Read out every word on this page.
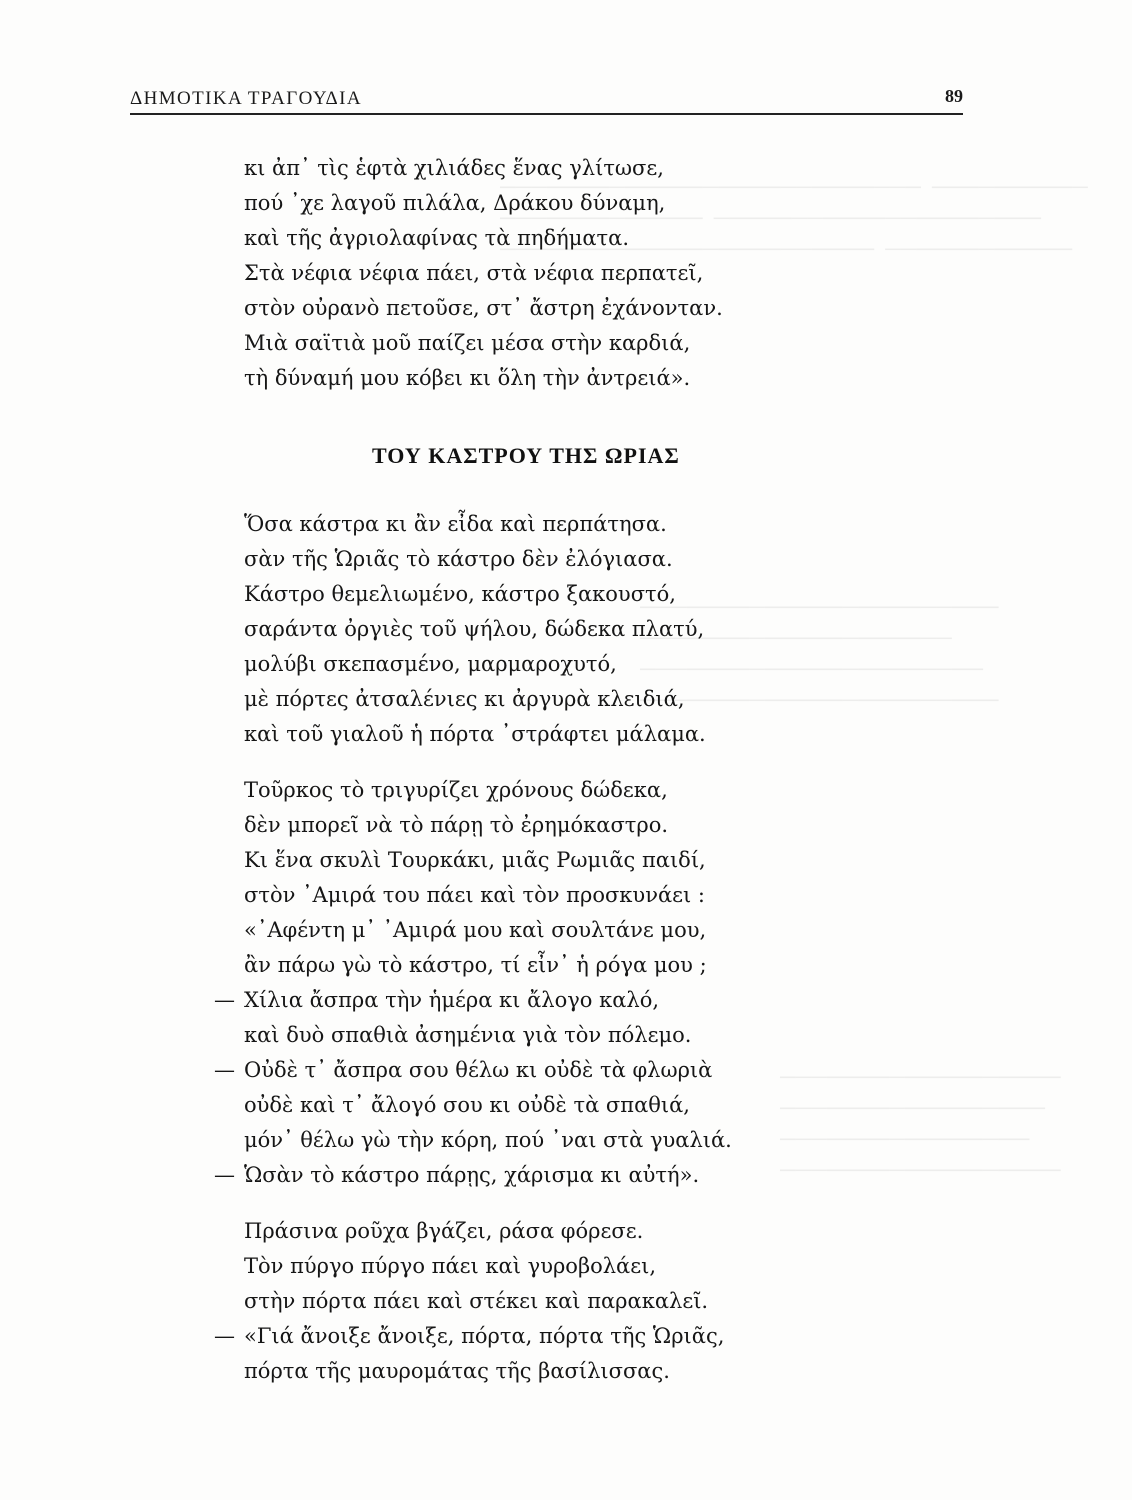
───────────────────────────  ──────────
─────────────  ─────────────────────
────────────────────────  ────────────

───────────────────────
────────────────────
──────────────────────
───────────────────────

──────────────────
─────────────────
────────────────
──────────────────
ΔΗΜΟΤΙΚΑ ΤΡΑΓΟΥΔΙΑ	89
κι ἀπ᾿ τὶς ἑφτὰ χιλιάδες ἕνας γλίτωσε,
πού ᾿χε λαγοῦ πιλάλα, Δράκου δύναμη,
καὶ τῆς ἀγριολαφίνας τὰ πηδήματα.
Στὰ νέφια νέφια πάει, στὰ νέφια περπατεῖ,
στὸν οὐρανὸ πετοῦσε, στ᾿ ἄστρη ἐχάνονταν.
Μιὰ σαϊτιὰ μοῦ παίζει μέσα στὴν καρδιά,
τὴ δύναμή μου κόβει κι ὅλη τὴν ἀντρειά».
ΤΟΥ ΚΑΣΤΡΟΥ ΤΗΣ ΩΡΙΑΣ
Ὅσα κάστρα κι ἂν εἶδα καὶ περπάτησα.
σὰν τῆς Ὡριᾶς τὸ κάστρο δὲν ἐλόγιασα.
Κάστρο θεμελιωμένο, κάστρο ξακουστό,
σαράντα ὀργιὲς τοῦ ψήλου, δώδεκα πλατύ,
μολύβι σκεπασμένο, μαρμαροχυτό,
μὲ πόρτες ἀτσαλένιες κι ἀργυρὰ κλειδιά,
καὶ τοῦ γιαλοῦ ἡ πόρτα ᾿στράφτει μάλαμα.
Τοῦρκος τὸ τριγυρίζει χρόνους δώδεκα,
δὲν μπορεῖ νὰ τὸ πάρῃ τὸ ἐρημόκαστρο.
Κι ἕνα σκυλὶ Τουρκάκι, μιᾶς Ρωμιᾶς παιδί,
στὸν ᾿Αμιρά του πάει καὶ τὸν προσκυνάει :
«᾿Αφέντη μ᾿ ᾿Αμιρά μου καὶ σουλτάνε μου,
ἂν πάρω γὼ τὸ κάστρο, τί εἶν᾿ ἡ ρόγα μου ;
— Χίλια ἄσπρα τὴν ἡμέρα κι ἄλογο καλό,
καὶ δυὸ σπαθιὰ ἀσημένια γιὰ τὸν πόλεμο.
— Οὐδὲ τ᾿ ἄσπρα σου θέλω κι οὐδὲ τὰ φλωριὰ
οὐδὲ καὶ τ᾿ ἄλογό σου κι οὐδὲ τὰ σπαθιά,
μόν᾿ θέλω γὼ τὴν κόρη, πού ᾿ναι στὰ γυαλιά.
— Ὡσὰν τὸ κάστρο πάρῃς, χάρισμα κι αὐτή».
Πράσινα ροῦχα βγάζει, ράσα φόρεσε.
Τὸν πύργο πύργο πάει καὶ γυροβολάει,
στὴν πόρτα πάει καὶ στέκει καὶ παρακαλεῖ.
— «Γιά ἄνοιξε ἄνοιξε, πόρτα, πόρτα τῆς Ὡριᾶς,
πόρτα τῆς μαυρομάτας τῆς βασίλισσας.
